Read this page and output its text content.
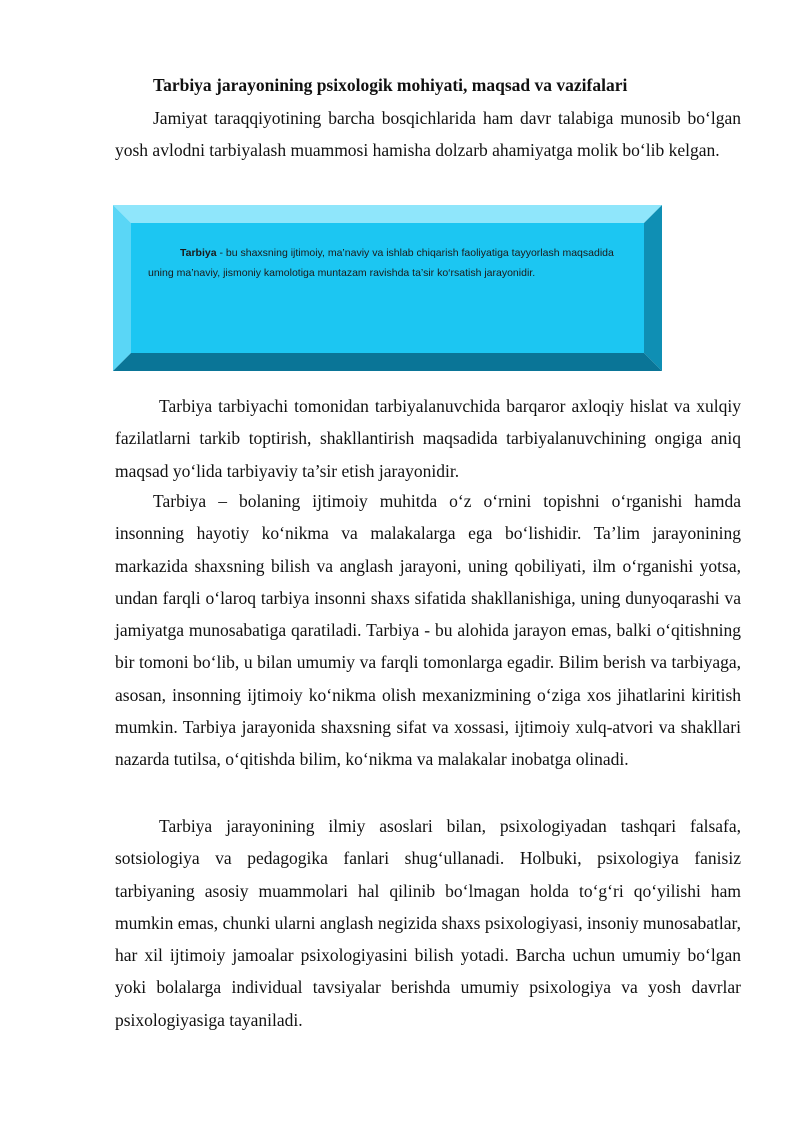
Tarbiya jarayonining psixologik mohiyati, maqsad va vazifalari

Jamiyat taraqqiyotining barcha bosqichlarida ham davr talabiga munosib bo‘lgan yosh avlodni tarbiyalash muammosi hamisha dolzarb ahamiyatga molik bo‘lib kelgan.

Tarbiya - bu shaxsning ijtimoiy, ma’naviy va ishlab chiqarish faoliyatiga tayyorlash maqsadida uning ma’naviy, jismoniy kamolotiga muntazam ravishda ta’sir ko‘rsatish jarayonidir.

Tarbiya tarbiyachi tomonidan tarbiyalanuvchida barqaror axloqiy hislat va xulqiy fazilatlarni tarkib toptirish, shakllantirish maqsadida tarbiyalanuvchining ongiga aniq maqsad yo‘lida tarbiyaviy ta’sir etish jarayonidir.

Tarbiya – bolaning ijtimoiy muhitda o‘z o‘rnini topishni o‘rganishi hamda insonning hayotiy ko‘nikma va malakalarga ega bo‘lishidir. Ta’lim jarayonining markazida shaxsning bilish va anglash jarayoni, uning qobiliyati, ilm o‘rganishi yotsa, undan farqli o‘laroq tarbiya insonni shaxs sifatida shakllanishiga, uning dunyoqarashi va jamiyatga munosabatiga qaratiladi. Tarbiya - bu alohida jarayon emas, balki o‘qitishning bir tomoni bo‘lib, u bilan umumiy va farqli tomonlarga egadir. Bilim berish va tarbiyaga, asosan, insonning ijtimoiy ko‘nikma olish mexanizmining o‘ziga xos jihatlarini kiritish mumkin. Tarbiya jarayonida shaxsning sifat va xossasi, ijtimoiy xulq-atvori va shakllari nazarda tutilsa, o‘qitishda bilim, ko‘nikma va malakalar inobatga olinadi.

Tarbiya jarayonining ilmiy asoslari bilan, psixologiyadan tashqari falsafa, sotsiologiya va pedagogika fanlari shug‘ullanadi. Holbuki, psixologiya fanisiz tarbiyaning asosiy muammolari hal qilinib bo‘lmagan holda to‘g‘ri qo‘yilishi ham mumkin emas, chunki ularni anglash negizida shaxs psixologiyasi, insoniy munosabatlar, har xil ijtimoiy jamoalar psixologiyasini bilish yotadi. Barcha uchun umumiy bo‘lgan yoki bolalarga individual tavsiyalar berishda umumiy psixologiya va yosh davrlar psixologiyasiga tayaniladi.
